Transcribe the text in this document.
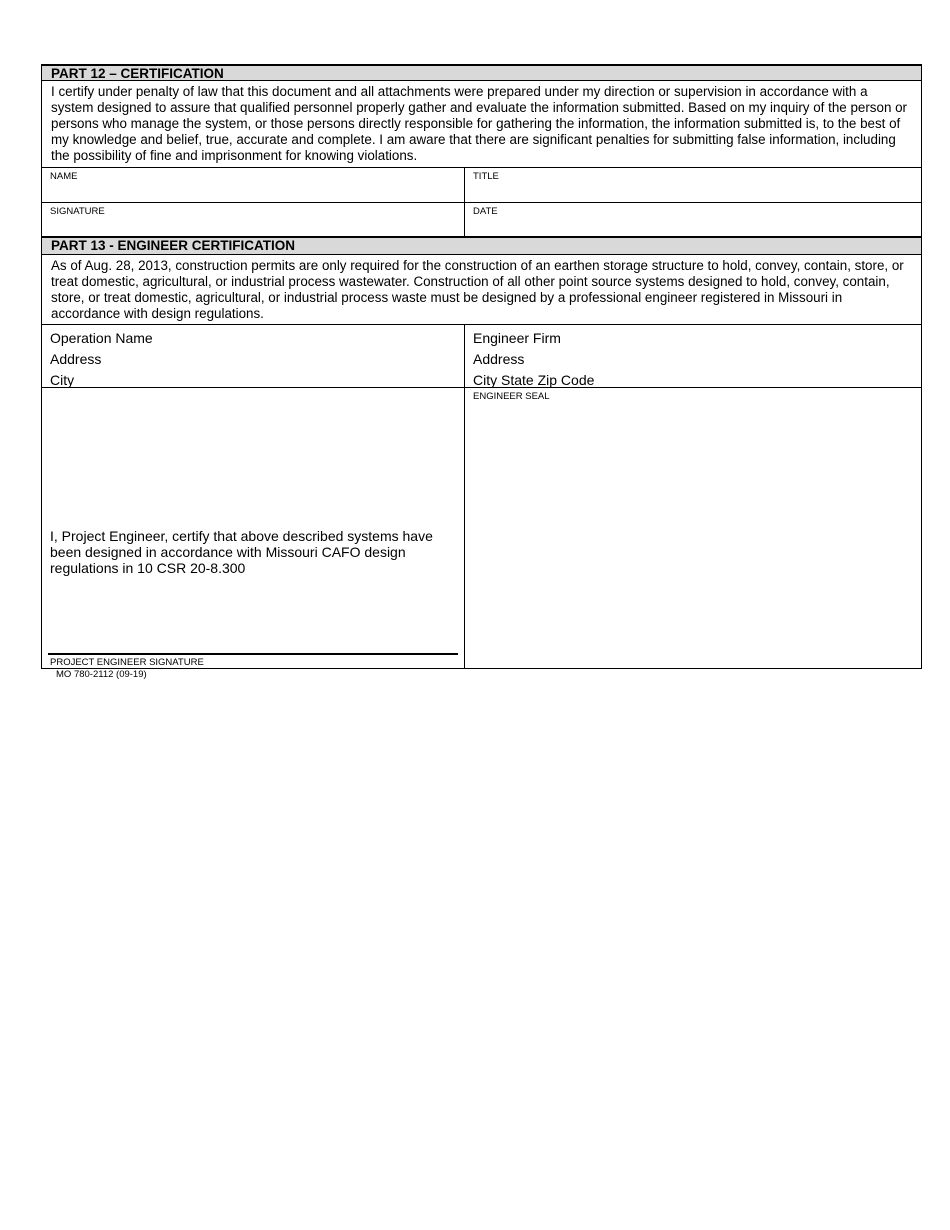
PART 12 – CERTIFICATION
I certify under penalty of law that this document and all attachments were prepared under my direction or supervision in accordance with a system designed to assure that qualified personnel properly gather and evaluate the information submitted. Based on my inquiry of the person or persons who manage the system, or those persons directly responsible for gathering the information, the information submitted is, to the best of my knowledge and belief, true, accurate and complete. I am aware that there are significant penalties for submitting false information, including the possibility of fine and imprisonment for knowing violations.
NAME	TITLE
SIGNATURE	DATE
PART 13 - ENGINEER CERTIFICATION
As of Aug. 28, 2013, construction permits are only required for the construction of an earthen storage structure to hold, convey, contain, store, or treat domestic, agricultural, or industrial process wastewater. Construction of all other point source systems designed to hold, convey, contain, store, or treat domestic, agricultural, or industrial process waste must be designed by a professional engineer registered in Missouri in accordance with design regulations.
Operation Name
Address
City
Engineer Firm
Address
City State Zip Code
I, Project Engineer, certify that above described systems have been designed in accordance with Missouri CAFO design regulations in 10 CSR 20-8.300
PROJECT ENGINEER SIGNATURE
ENGINEER SEAL
MO 780-2112 (09-19)
